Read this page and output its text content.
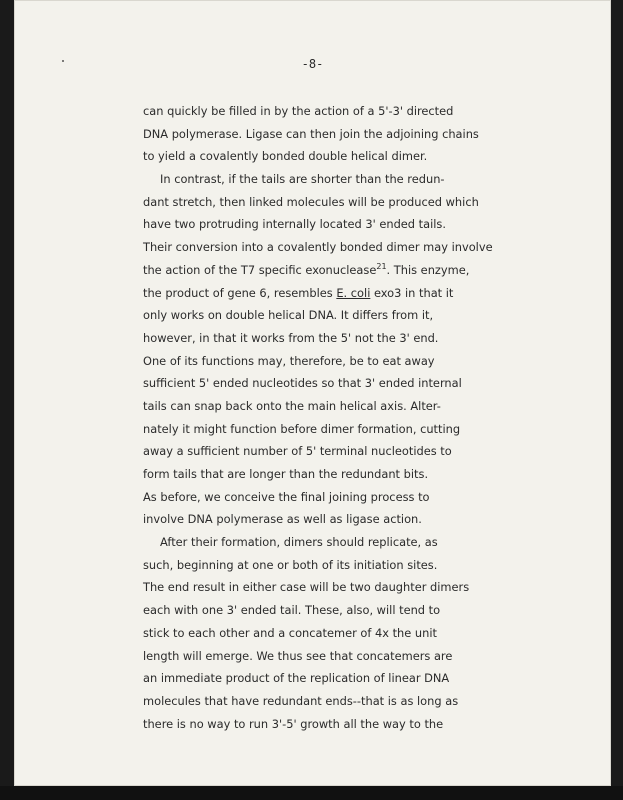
-8-
can quickly be filled in by the action of a 5'-3' directed
DNA polymerase. Ligase can then join the adjoining chains
to yield a covalently bonded double helical dimer.
In contrast, if the tails are shorter than the redun-
dant stretch, then linked molecules will be produced which
have two protruding internally located 3' ended tails.
Their conversion into a covalently bonded dimer may involve
the action of the T7 specific exonuclease$^{21}$. This enzyme,
the product of gene 6, resembles E. coli exo3 in that it
only works on double helical DNA. It differs from it,
however, in that it works from the 5' not the 3' end.
One of its functions may, therefore, be to eat away
sufficient 5' ended nucleotides so that 3' ended internal
tails can snap back onto the main helical axis. Alter-
nately it might function before dimer formation, cutting
away a sufficient number of 5' terminal nucleotides to
form tails that are longer than the redundant bits.
As before, we conceive the final joining process to
involve DNA polymerase as well as ligase action.
After their formation, dimers should replicate, as
such, beginning at one or both of its initiation sites.
The end result in either case will be two daughter dimers
each with one 3' ended tail. These, also, will tend to
stick to each other and a concatemer of 4x the unit
length will emerge. We thus see that concatemers are
an immediate product of the replication of linear DNA
molecules that have redundant ends--that is as long as
there is no way to run 3'-5' growth all the way to the
